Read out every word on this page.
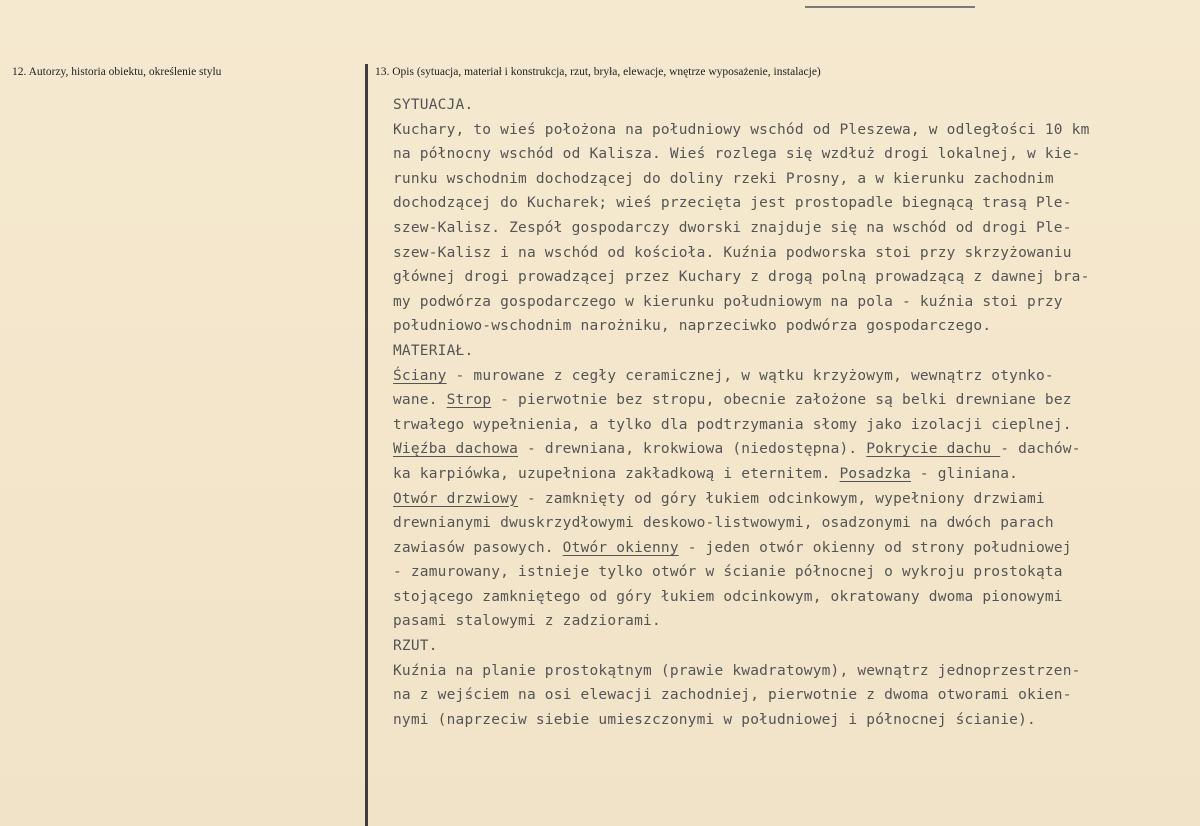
12. Autorzy, historia obiektu, określenie stylu	13. Opis (sytuacja, materiał i konstrukcja, rzut, bryła, elewacje, wnętrze wyposażenie, instalacje)
SYTUACJA.
Kuchary, to wieś położona na południowy wschód od Pleszewa, w odległości 10 km
na północny wschód od Kalisza. Wieś rozlega się wzdłuż drogi lokalnej, w kie-
runku wschodnim dochodzącej do doliny rzeki Prosny, a w kierunku zachodnim
dochodzącej do Kucharek; wieś przecięta jest prostopadle biegnącą trasą Ple-
szew-Kalisz. Zespół gospodarczy dworski znajduje się na wschód od drogi Ple-
szew-Kalisz i na wschód od kościoła. Kuźnia podworska stoi przy skrzyżowaniu
głównej drogi prowadzącej przez Kuchary z drogą polną prowadzącą z dawnej bra-
my podwórza gospodarczego w kierunku południowym na pola - kuźnia stoi przy
południowo-wschodnim narożniku, naprzeciwko podwórza gospodarczego.
MATERIAŁ.
Ściany - murowane z cegły ceramicznej, w wątku krzyżowym, wewnątrz otynko-
wane. Strop - pierwotnie bez stropu, obecnie założone są belki drewniane bez
trwałego wypełnienia, a tylko dla podtrzymania słomy jako izolacji cieplnej.
Więźba dachowa - drewniana, krokwiowa (niedostępna). Pokrycie dachu - dachów-
ka karpiówka, uzupełniona zakładkową i eternitem. Posadzka - gliniana.
Otwór drzwiowy - zamknięty od góry łukiem odcinkowym, wypełniony drzwiami
drewnianymi dwuskrzydłowymi deskowo-listwowymi, osadzonymi na dwóch parach
zawiasów pasowych. Otwór okienny - jeden otwór okienny od strony południowej
- zamurowany, istnieje tylko otwór w ścianie północnej o wykroju prostokąta
stojącego zamkniętego od góry łukiem odcinkowym, okratowany dwoma pionowymi
pasami stalowymi z zadziorami.
RZUT.
Kuźnia na planie prostokątnym (prawie kwadratowym), wewnątrz jednoprzestrzen-
na z wejściem na osi elewacji zachodniej, pierwotnie z dwoma otworami okien-
nymi (naprzeciw siebie umieszczonymi w południowej i północnej ścianie).
